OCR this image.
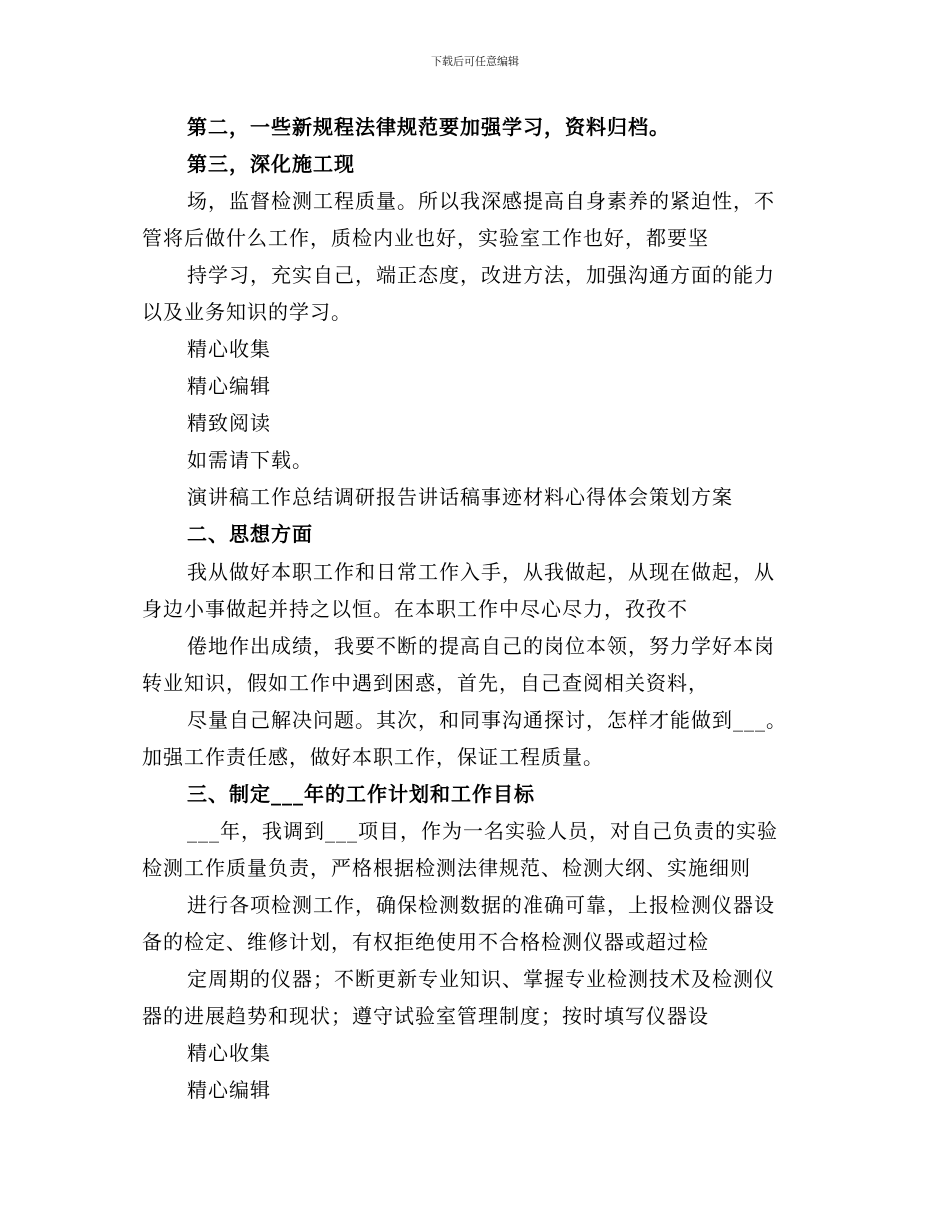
下载后可任意编辑
第二，一些新规程法律规范要加强学习，资料归档。
第三，深化施工现
场，监督检测工程质量。所以我深感提高自身素养的紧迫性，不
管将后做什么工作，质检内业也好，实验室工作也好，都要坚
持学习，充实自己，端正态度，改进方法，加强沟通方面的能力
以及业务知识的学习。
精心收集
精心编辑
精致阅读
如需请下载。
演讲稿工作总结调研报告讲话稿事迹材料心得体会策划方案
二、思想方面
我从做好本职工作和日常工作入手，从我做起，从现在做起，从
身边小事做起并持之以恒。在本职工作中尽心尽力，孜孜不
倦地作出成绩，我要不断的提高自己的岗位本领，努力学好本岗
转业知识，假如工作中遇到困惑，首先，自己查阅相关资料，
尽量自己解决问题。其次，和同事沟通探讨，怎样才能做到___。
加强工作责任感，做好本职工作，保证工程质量。
三、制定___年的工作计划和工作目标
___年，我调到___项目，作为一名实验人员，对自己负责的实验
检测工作质量负责，严格根据检测法律规范、检测大纲、实施细则
进行各项检测工作，确保检测数据的准确可靠，上报检测仪器设
备的检定、维修计划，有权拒绝使用不合格检测仪器或超过检
定周期的仪器；不断更新专业知识、掌握专业检测技术及检测仪
器的进展趋势和现状；遵守试验室管理制度；按时填写仪器设
精心收集
精心编辑
